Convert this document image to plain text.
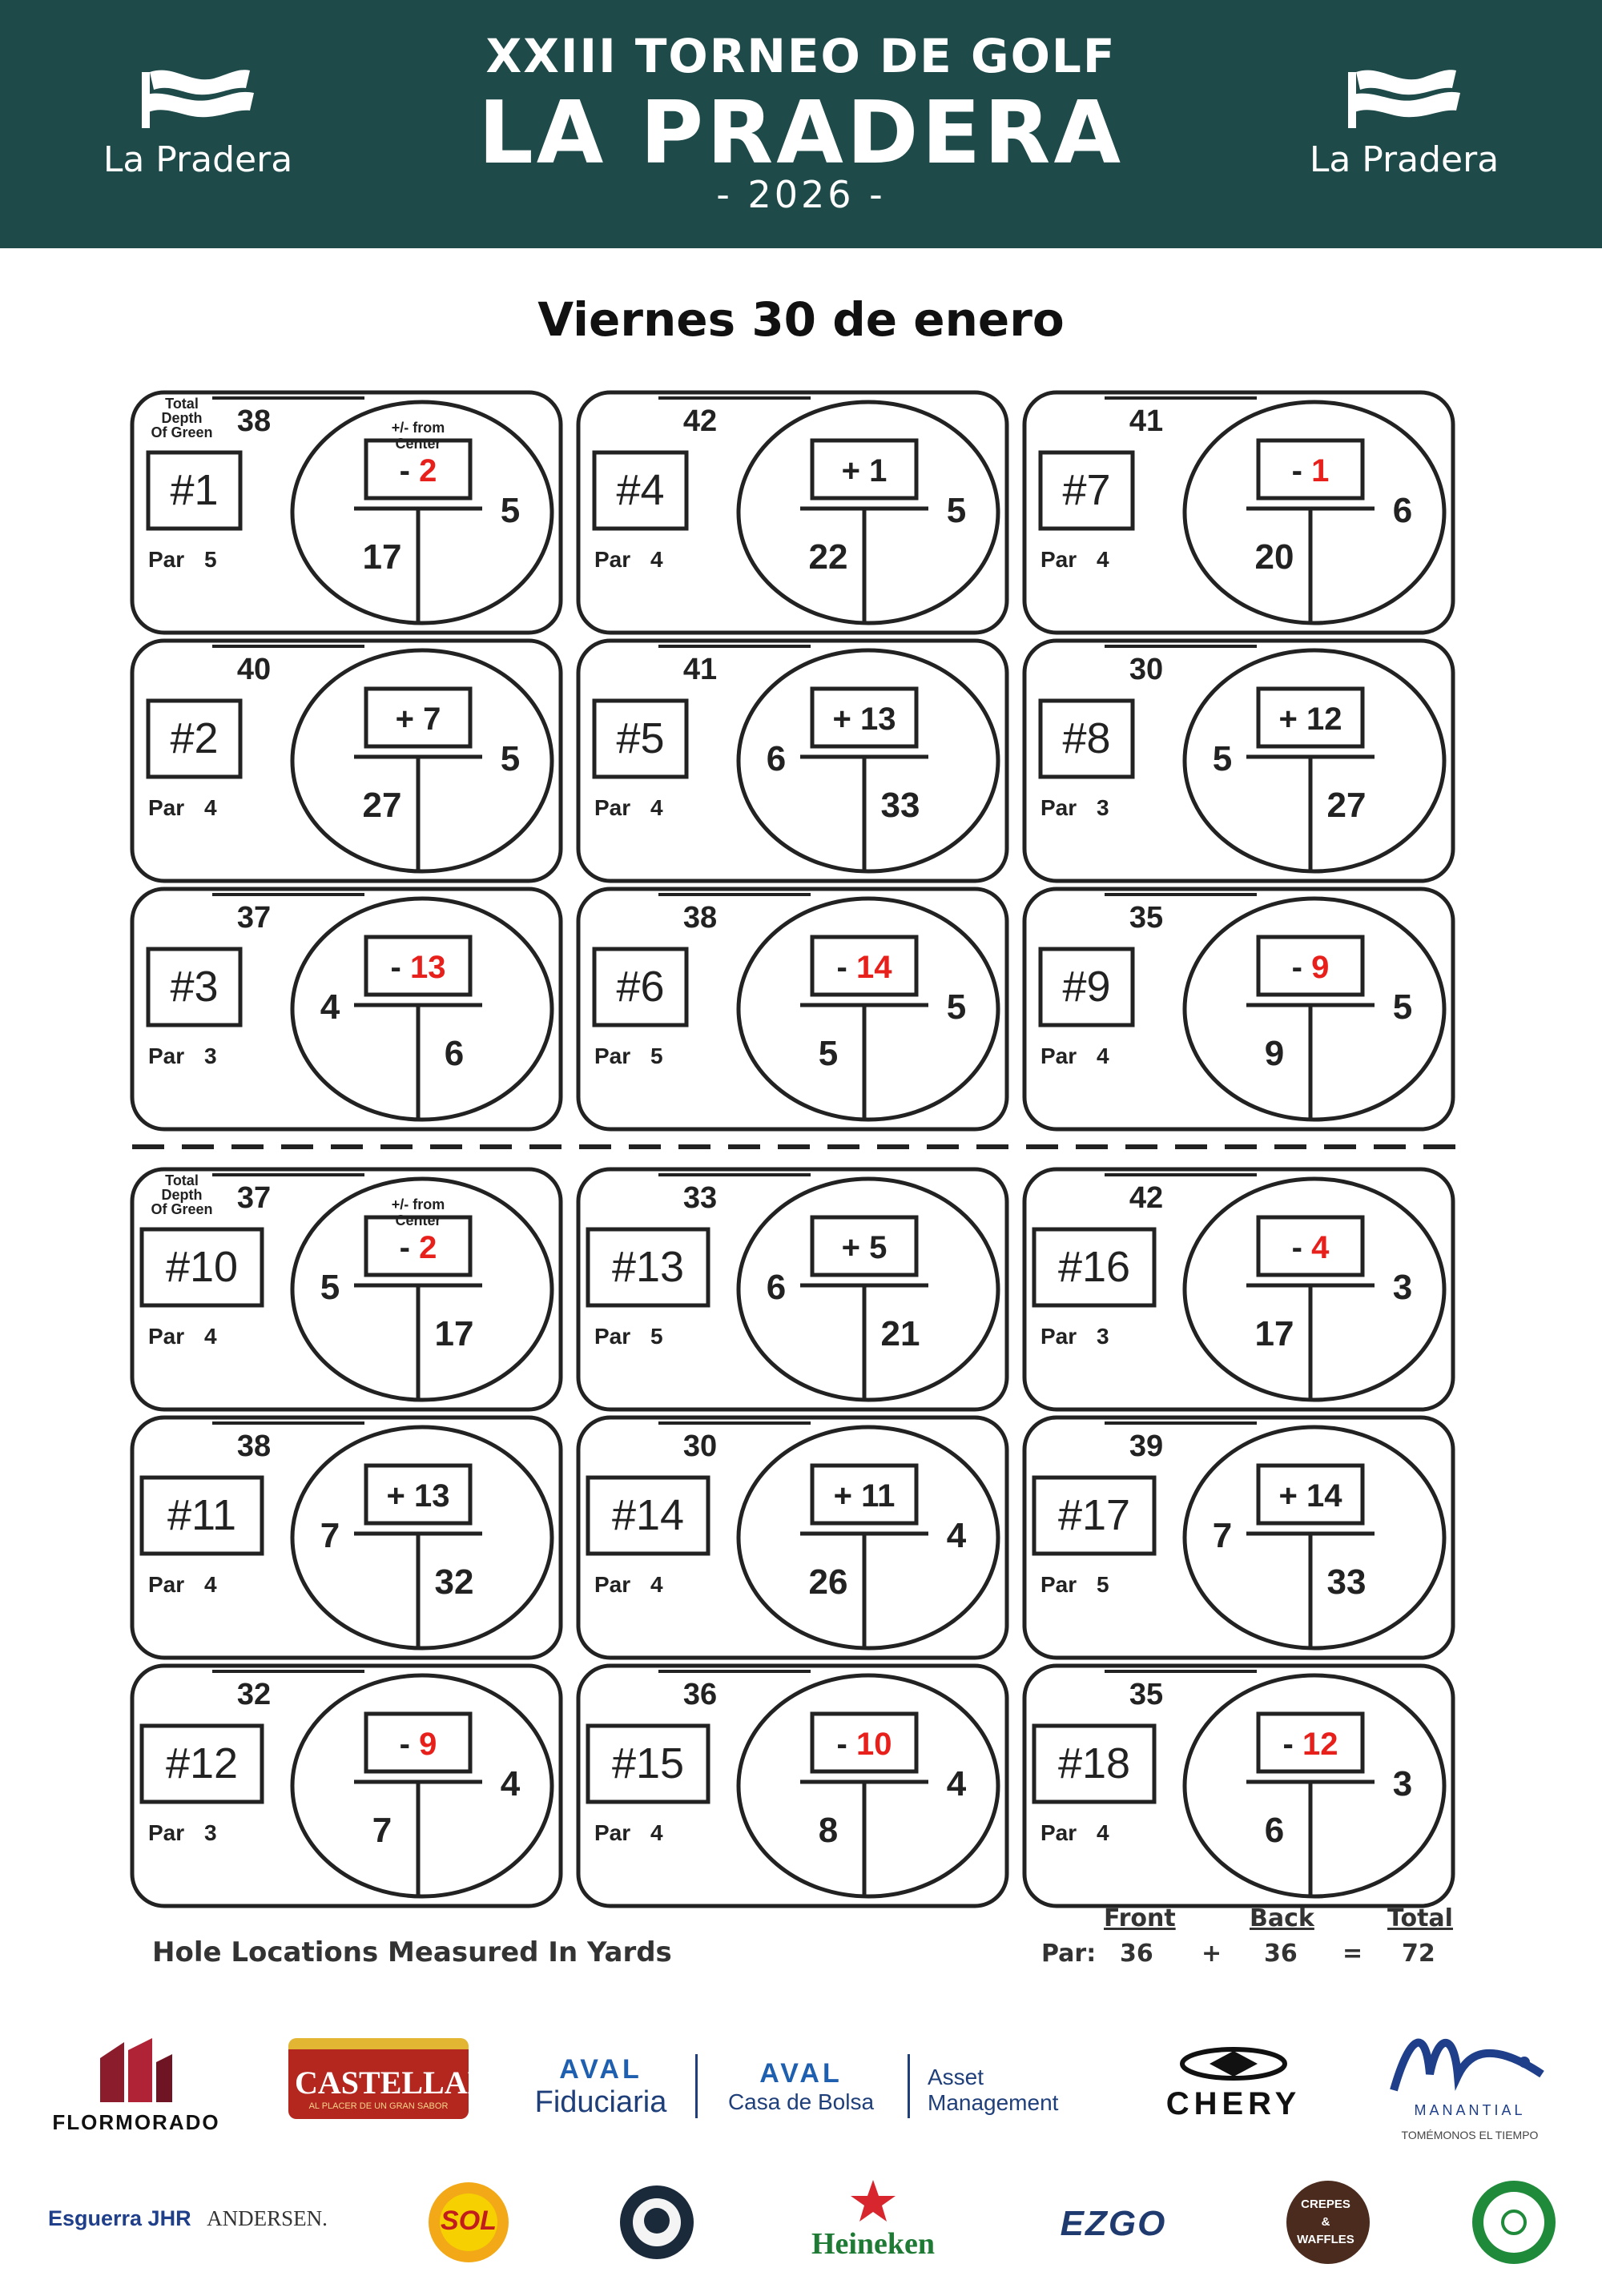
La Pradera
XXIII TORNEO DE GOLF
LA PRADERA
- 2026 -
La Pradera
Viernes 30 de enero
38
#1
Par 5
- 2
5
17
Total
Depth
Of Green	+/- from
Center
42
#4
Par 4
+ 1
5
22
41
#7
Par 4
- 1
6
20
40
#2
Par 4
+ 7
5
27
41
#5
Par 4
+ 13
6
33
30
#8
Par 3
+ 12
5
27
37
#3
Par 3
- 13
4
6
38
#6
Par 5
- 14
5
5
35
#9
Par 4
- 9
5
9
37
#10
Par 4
- 2
5
17
Total
Depth
Of Green	+/- from
Center
33
#13
Par 5
+ 5
6
21
42
#16
Par 3
- 4
3
17
38
#11
Par 4
+ 13
7
32
30
#14
Par 4
+ 11
4
26
39
#17
Par 5
+ 14
7
33
32
#12
Par 3
- 9
4
7
36
#15
Par 4
- 10
4
8
35
#18
Par 4
- 12
3
6
Hole Locations Measured In Yards
Front	Back	Total
Par: 36 + 36 = 72
FLORMORADO
CASTELLANO
AL PLACER DE UN GRAN SABOR
AVAL
Fiduciaria
AVAL
Casa de Bolsa
Asset
Management	CHERY	MANANTIAL
TOMÉMONOS EL TIEMPO
Esguerra JHR ANDERSEN.	SOL
Heineken
EZGO	CREPES
&
WAFFLES
